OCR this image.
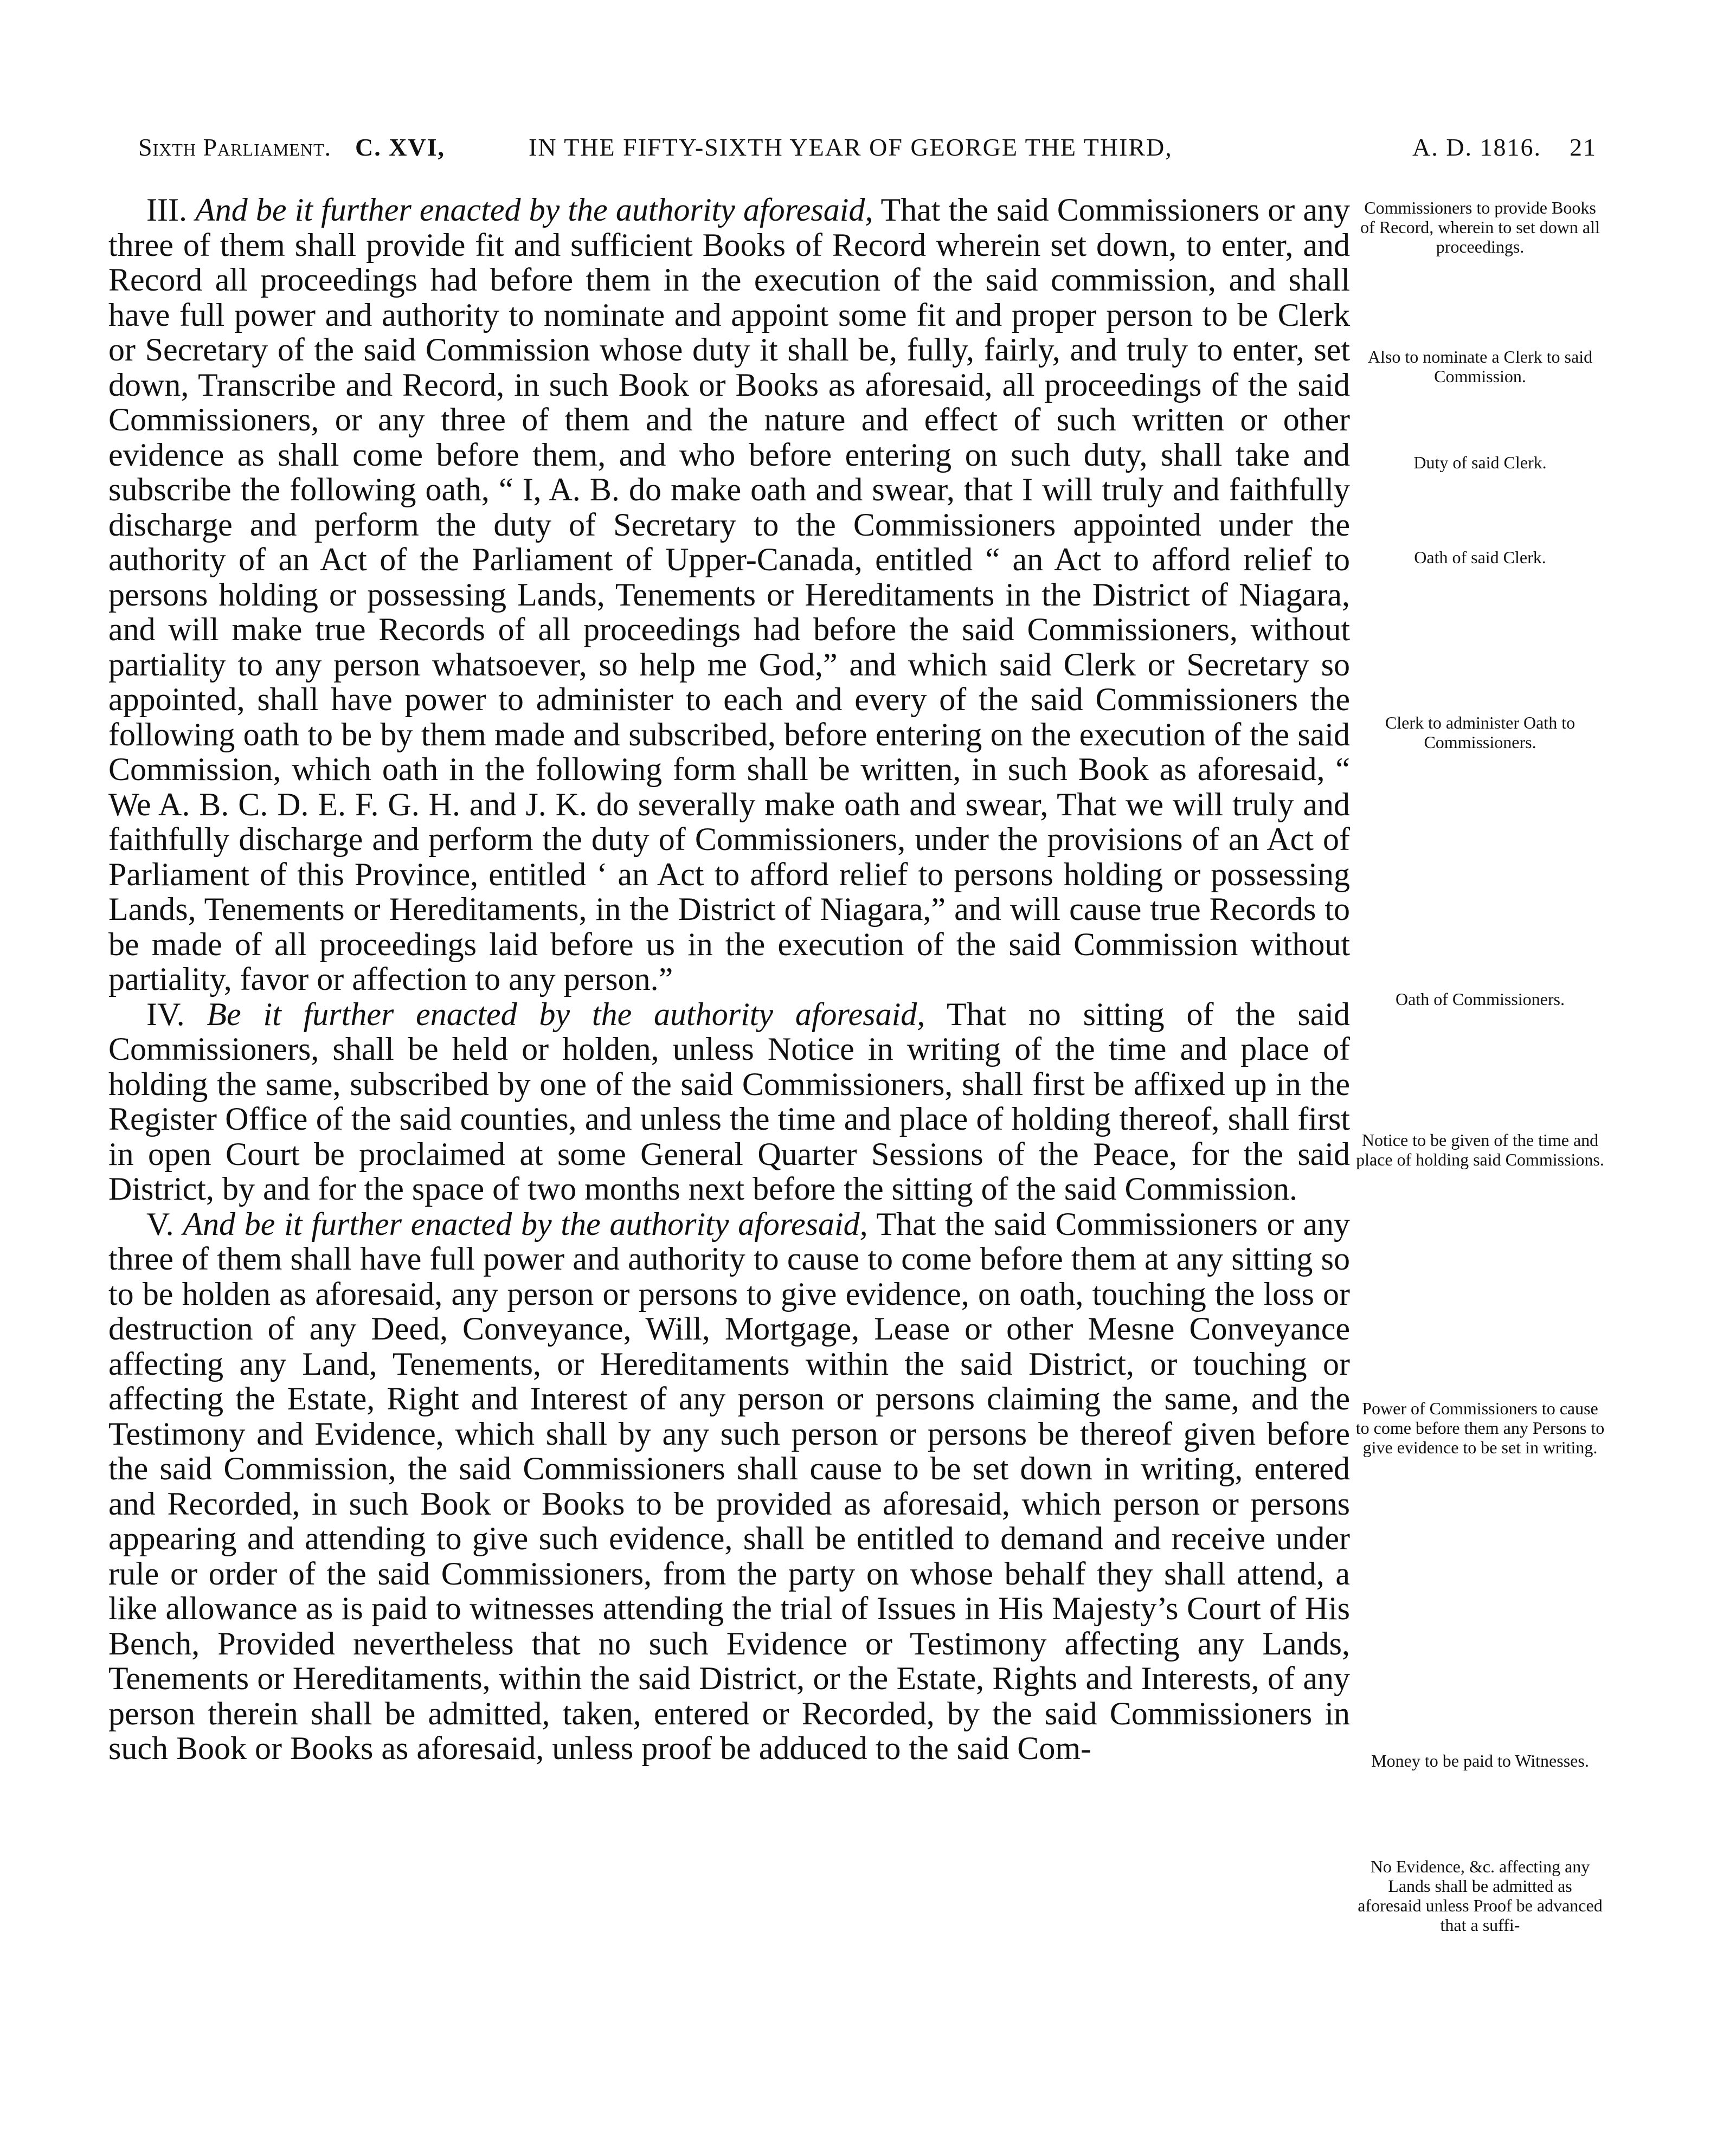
Sixth Parliament. C. XVI,	IN THE FIFTY-SIXTH YEAR OF GEORGE THE THIRD,	A. D. 1816. 21

III. And be it further enacted by the authority aforesaid, That the said Commissioners or any three of them shall provide fit and sufficient Books of Record wherein set down, to enter, and Record all proceedings had before them in the execution of the said commission, and shall have full power and authority to nominate and appoint some fit and proper person to be Clerk or Secretary of the said Commission whose duty it shall be, fully, fairly, and truly to enter, set down, Transcribe and Record, in such Book or Books as aforesaid, all proceedings of the said Commissioners, or any three of them and the nature and effect of such written or other evidence as shall come before them, and who before entering on such duty, shall take and subscribe the following oath, “ I, A. B. do make oath and swear, that I will truly and faithfully discharge and perform the duty of Secretary to the Commissioners appointed under the authority of an Act of the Parliament of Upper-Canada, entitled “ an Act to afford relief to persons holding or possessing Lands, Tenements or Hereditaments in the District of Niagara, and will make true Records of all proceedings had before the said Commissioners, without partiality to any person whatsoever, so help me God,” and which said Clerk or Secretary so appointed, shall have power to administer to each and every of the said Commissioners the following oath to be by them made and subscribed, before entering on the execution of the said Commission, which oath in the following form shall be written, in such Book as aforesaid, “ We A. B. C. D. E. F. G. H. and J. K. do severally make oath and swear, That we will truly and faithfully discharge and perform the duty of Commissioners, under the provisions of an Act of Parliament of this Province, entitled ‘ an Act to afford relief to persons holding or possessing Lands, Tenements or Hereditaments, in the District of Niagara,” and will cause true Records to be made of all proceedings laid before us in the execution of the said Commission without partiality, favor or affection to any person.”

IV. Be it further enacted by the authority aforesaid, That no sitting of the said Commissioners, shall be held or holden, unless Notice in writing of the time and place of holding the same, subscribed by one of the said Commissioners, shall first be affixed up in the Register Office of the said counties, and unless the time and place of holding thereof, shall first in open Court be proclaimed at some General Quarter Sessions of the Peace, for the said District, by and for the space of two months next before the sitting of the said Commission.

V. And be it further enacted by the authority aforesaid, That the said Commissioners or any three of them shall have full power and authority to cause to come before them at any sitting so to be holden as aforesaid, any person or persons to give evidence, on oath, touching the loss or destruction of any Deed, Conveyance, Will, Mortgage, Lease or other Mesne Conveyance affecting any Land, Tenements, or Hereditaments within the said District, or touching or affecting the Estate, Right and Interest of any person or persons claiming the same, and the Testimony and Evidence, which shall by any such person or persons be thereof given before the said Commission, the said Commissioners shall cause to be set down in writing, entered and Recorded, in such Book or Books to be provided as aforesaid, which person or persons appearing and attending to give such evidence, shall be entitled to demand and receive under rule or order of the said Commissioners, from the party on whose behalf they shall attend, a like allowance as is paid to witnesses attending the trial of Issues in His Majesty’s Court of His Bench, Provided nevertheless that no such Evidence or Testimony affecting any Lands, Tenements or Hereditaments, within the said District, or the Estate, Rights and Interests, of any person therein shall be admitted, taken, entered or Recorded, by the said Commissioners in such Book or Books as aforesaid, unless proof be adduced to the said Com-

Commissioners to provide Books of Record, wherein to set down all proceedings.
Also to nominate a Clerk to said Commission.
Duty of said Clerk.
Oath of said Clerk.
Clerk to administer Oath to Commissioners.
Oath of Commissioners.
Notice to be given of the time and place of holding said Commissions.
Power of Commissioners to cause to come before them any Persons to give evidence to be set in writing.
Money to be paid to Witnesses.
No Evidence, &c. affecting any Lands shall be admitted as aforesaid unless Proof be advanced that a suffi-
